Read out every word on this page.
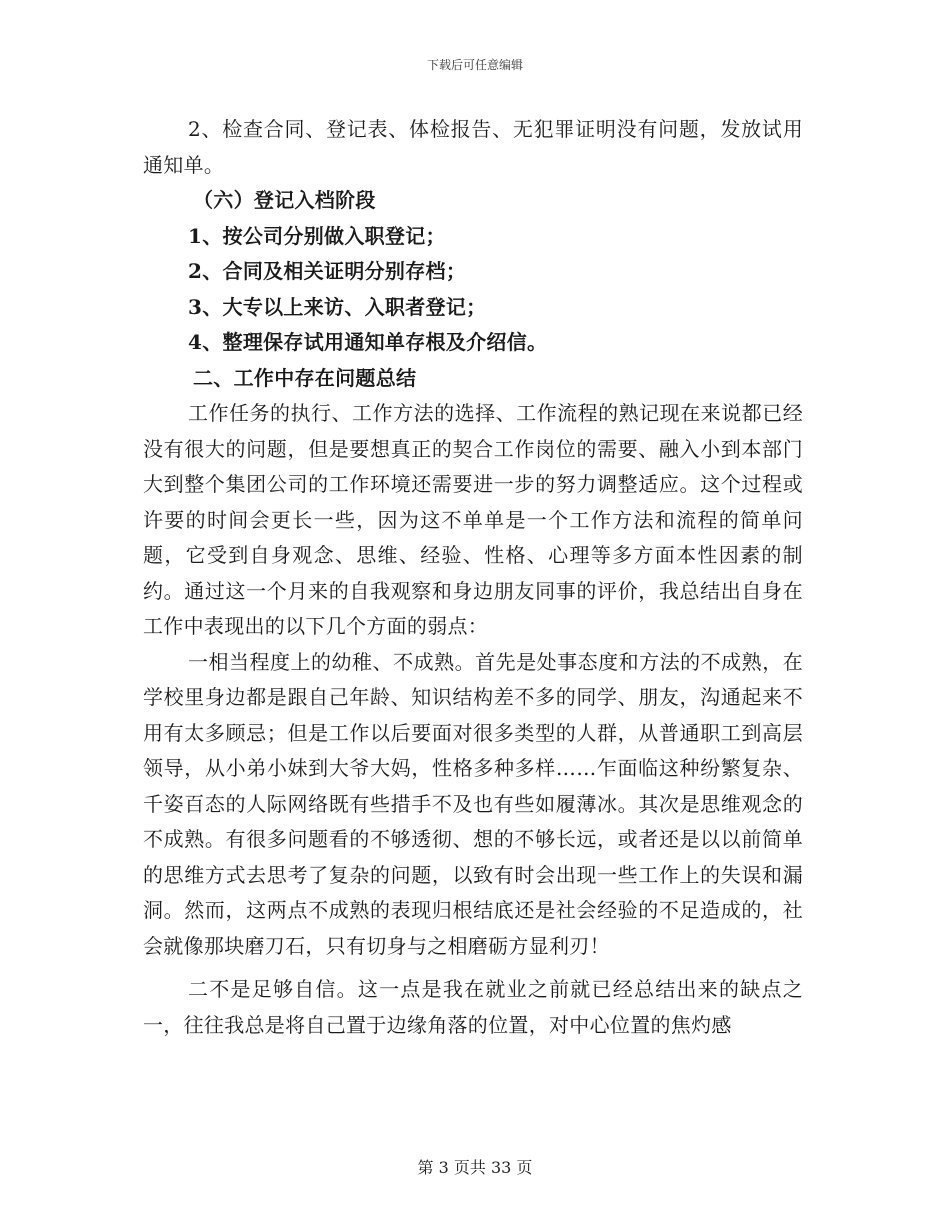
下载后可任意编辑

2、检查合同、登记表、体检报告、无犯罪证明没有问题，发放试用通知单。

（六）登记入档阶段

1、按公司分别做入职登记；

2、合同及相关证明分别存档；

3、大专以上来访、入职者登记；

4、整理保存试用通知单存根及介绍信。

二、工作中存在问题总结

工作任务的执行、工作方法的选择、工作流程的熟记现在来说都已经没有很大的问题，但是要想真正的契合工作岗位的需要、融入小到本部门大到整个集团公司的工作环境还需要进一步的努力调整适应。这个过程或许要的时间会更长一些，因为这不单单是一个工作方法和流程的简单问题，它受到自身观念、思维、经验、性格、心理等多方面本性因素的制约。通过这一个月来的自我观察和身边朋友同事的评价，我总结出自身在工作中表现出的以下几个方面的弱点：

一相当程度上的幼稚、不成熟。首先是处事态度和方法的不成熟，在学校里身边都是跟自己年龄、知识结构差不多的同学、朋友，沟通起来不用有太多顾忌；但是工作以后要面对很多类型的人群，从普通职工到高层领导，从小弟小妹到大爷大妈，性格多种多样……乍面临这种纷繁复杂、千姿百态的人际网络既有些措手不及也有些如履薄冰。其次是思维观念的不成熟。有很多问题看的不够透彻、想的不够长远，或者还是以以前简单的思维方式去思考了复杂的问题，以致有时会出现一些工作上的失误和漏洞。然而，这两点不成熟的表现归根结底还是社会经验的不足造成的，社会就像那块磨刀石，只有切身与之相磨砺方显利刃！

二不是足够自信。这一点是我在就业之前就已经总结出来的缺点之一，往往我总是将自己置于边缘角落的位置，对中心位置的焦灼感

第 3 页共 33 页
